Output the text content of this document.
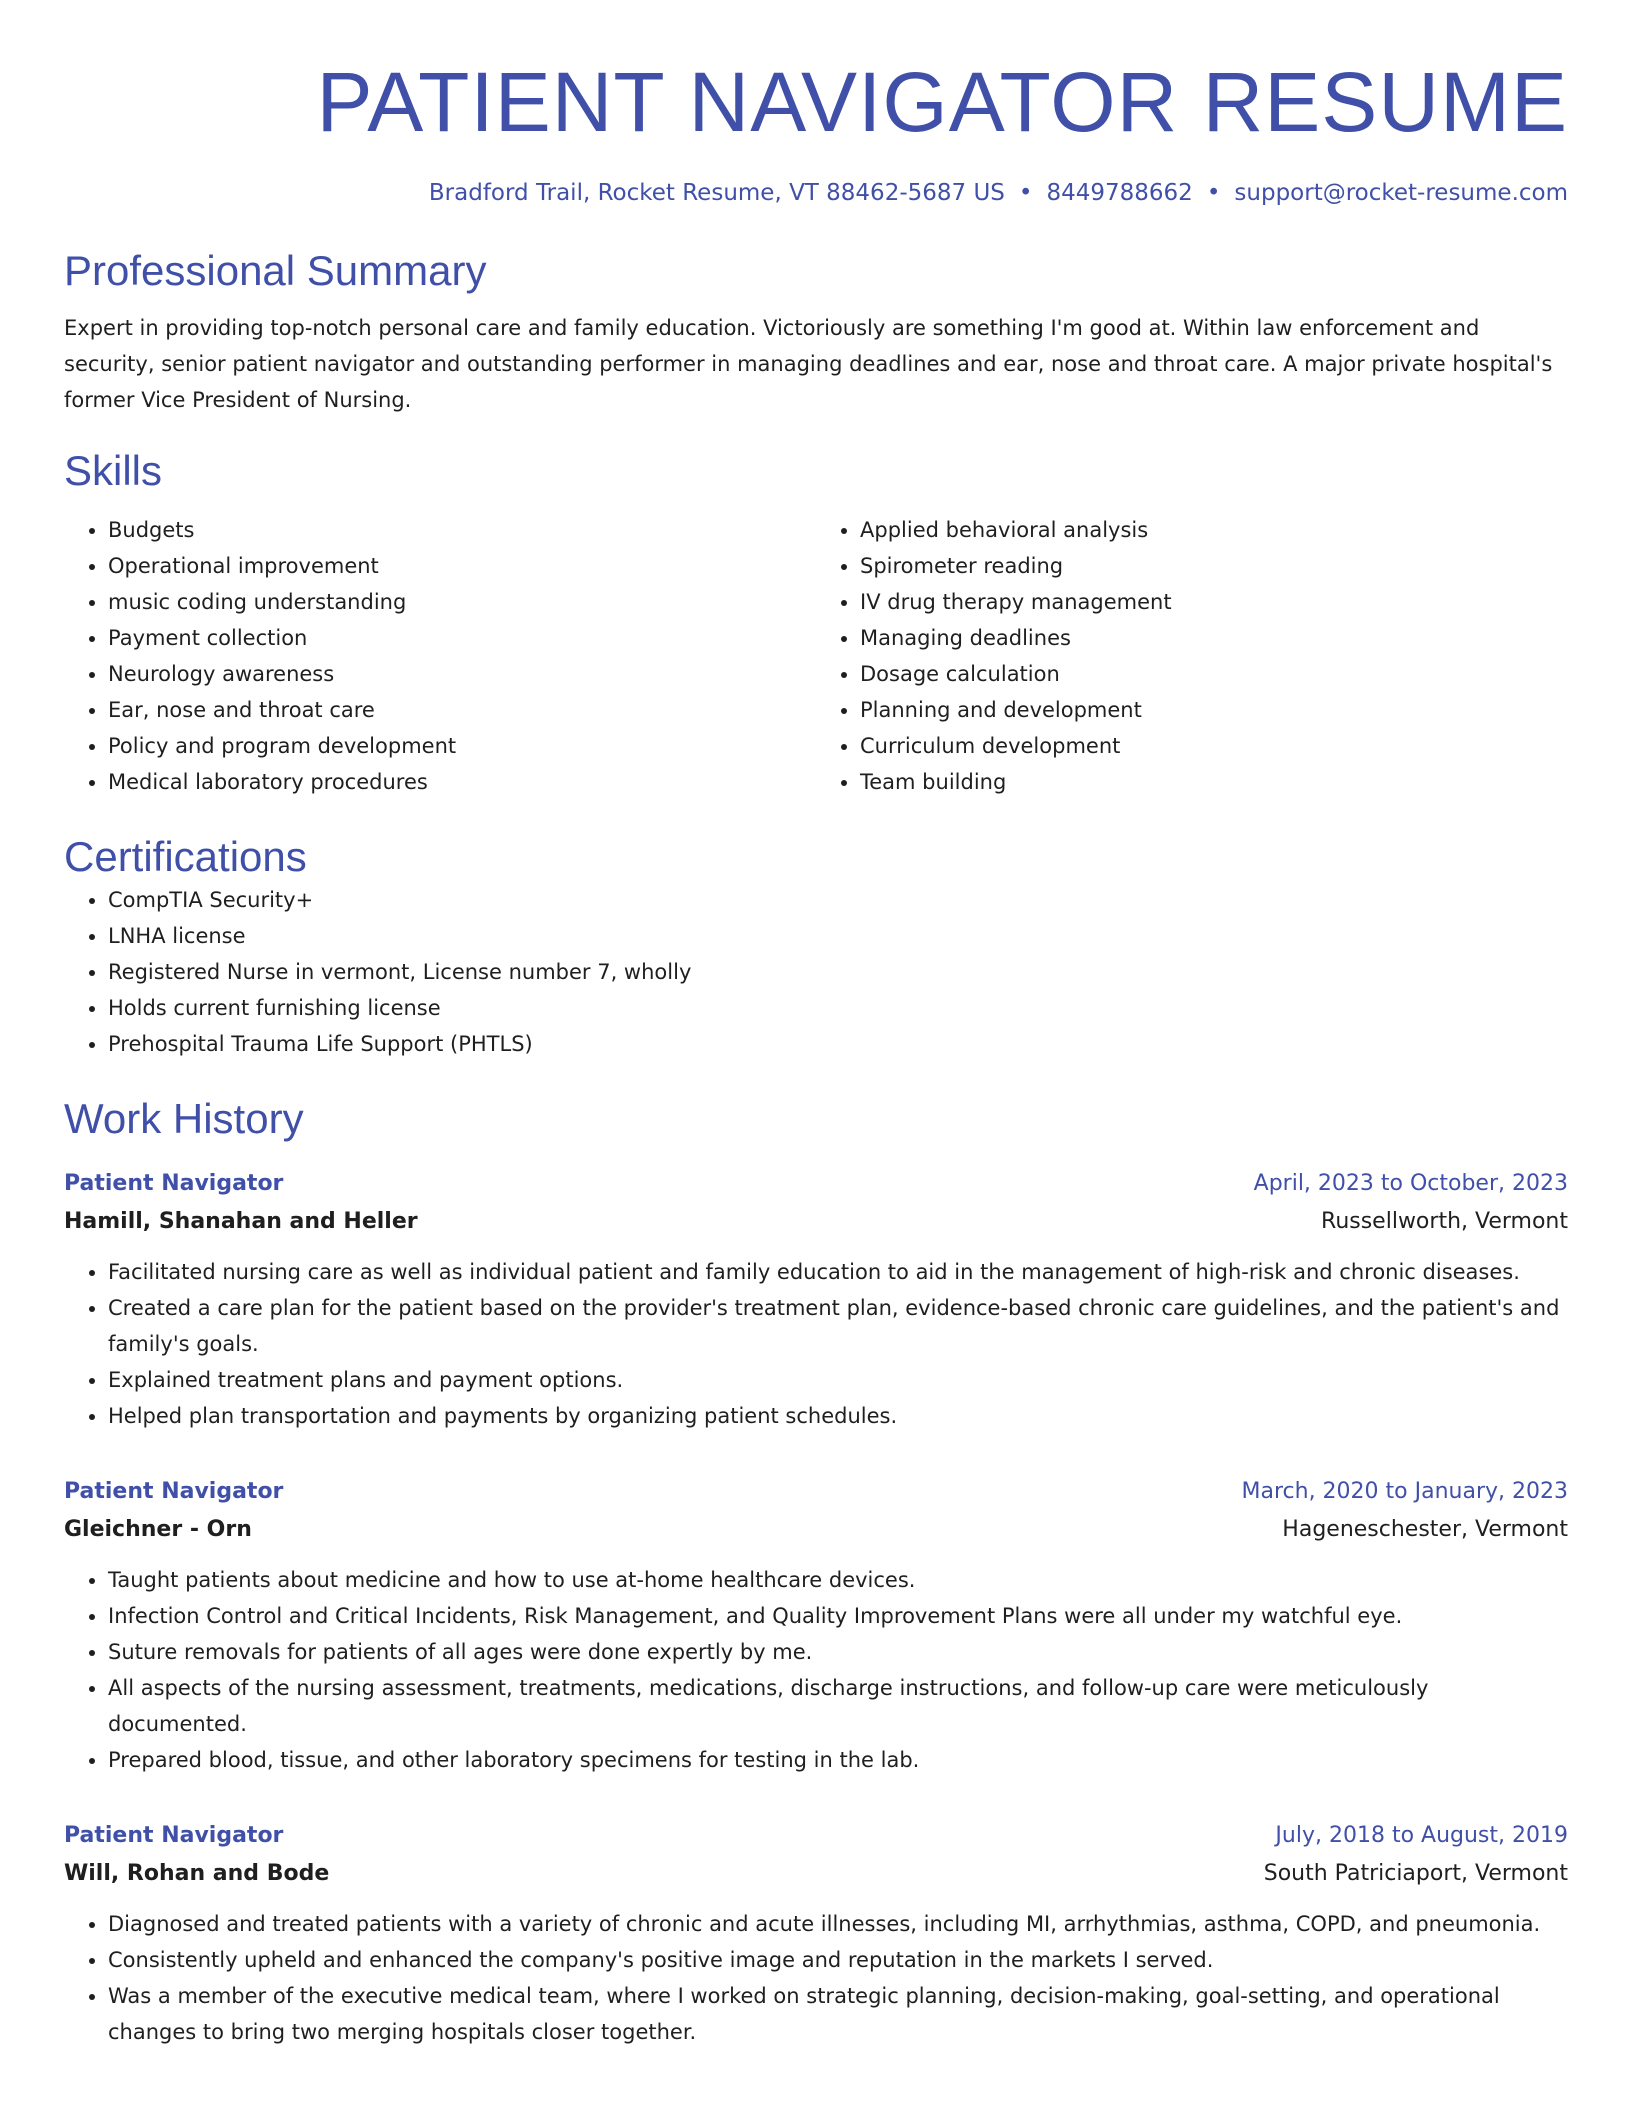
PATIENT NAVIGATOR RESUME
Bradford Trail, Rocket Resume, VT 88462-5687 US • 8449788662 • support@rocket-resume.com
Professional Summary
Expert in providing top-notch personal care and family education. Victoriously are something I'm good at. Within law enforcement and security, senior patient navigator and outstanding performer in managing deadlines and ear, nose and throat care. A major private hospital's former Vice President of Nursing.
Skills
• Budgets
• Operational improvement
• music coding understanding
• Payment collection
• Neurology awareness
• Ear, nose and throat care
• Policy and program development
• Medical laboratory procedures
• Applied behavioral analysis
• Spirometer reading
• IV drug therapy management
• Managing deadlines
• Dosage calculation
• Planning and development
• Curriculum development
• Team building
Certifications
• CompTIA Security+
• LNHA license
• Registered Nurse in vermont, License number 7, wholly
• Holds current furnishing license
• Prehospital Trauma Life Support (PHTLS)
Work History
Patient Navigator	April, 2023 to October, 2023
Hamill, Shanahan and Heller	Russellworth, Vermont
• Facilitated nursing care as well as individual patient and family education to aid in the management of high-risk and chronic diseases.
• Created a care plan for the patient based on the provider's treatment plan, evidence-based chronic care guidelines, and the patient's and family's goals.
• Explained treatment plans and payment options.
• Helped plan transportation and payments by organizing patient schedules.
Patient Navigator	March, 2020 to January, 2023
Gleichner - Orn	Hageneschester, Vermont
• Taught patients about medicine and how to use at-home healthcare devices.
• Infection Control and Critical Incidents, Risk Management, and Quality Improvement Plans were all under my watchful eye.
• Suture removals for patients of all ages were done expertly by me.
• All aspects of the nursing assessment, treatments, medications, discharge instructions, and follow-up care were meticulously documented.
• Prepared blood, tissue, and other laboratory specimens for testing in the lab.
Patient Navigator	July, 2018 to August, 2019
Will, Rohan and Bode	South Patriciaport, Vermont
• Diagnosed and treated patients with a variety of chronic and acute illnesses, including MI, arrhythmias, asthma, COPD, and pneumonia.
• Consistently upheld and enhanced the company's positive image and reputation in the markets I served.
• Was a member of the executive medical team, where I worked on strategic planning, decision-making, goal-setting, and operational changes to bring two merging hospitals closer together.
